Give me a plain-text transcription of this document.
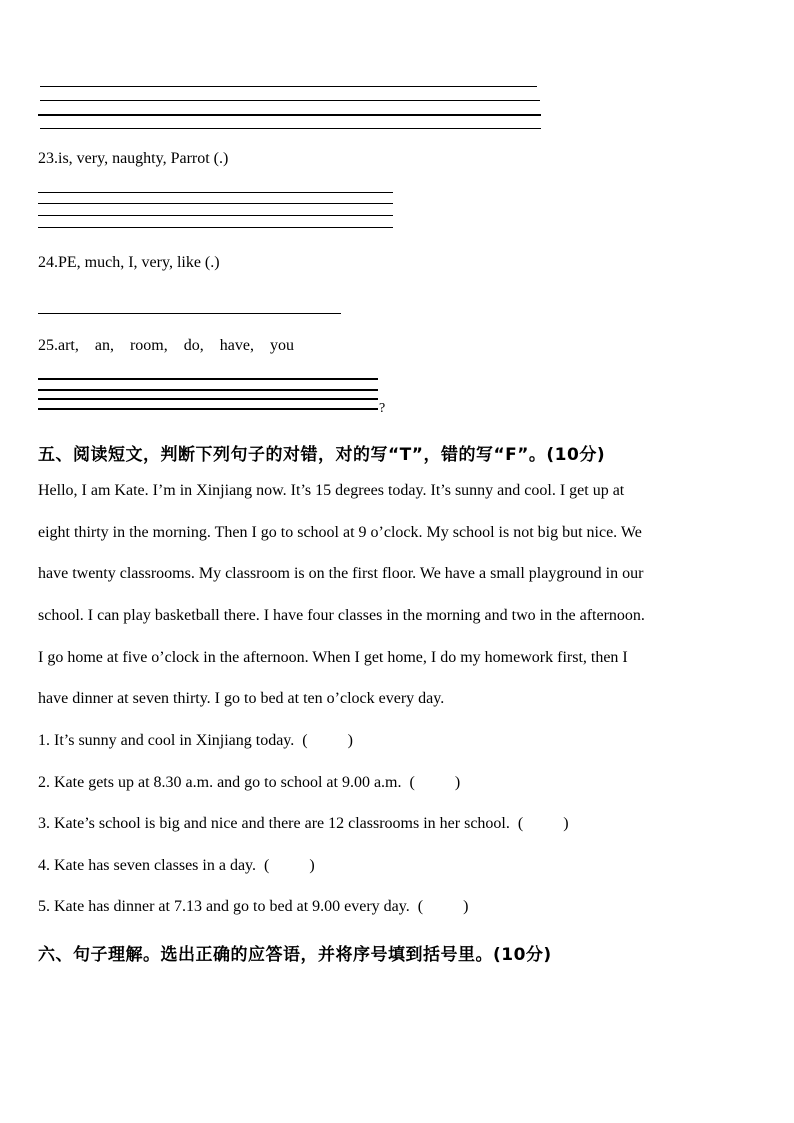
23.is, very, naughty, Parrot (.)
24.PE, much, I, very, like (.)
25.art,    an,    room,    do,    have,    you
?
五、阅读短文，判断下列句子的对错，对的写“T”，错的写“F”。(10分)
Hello, I am Kate. I’m in Xinjiang now. It’s 15 degrees today. It’s sunny and cool. I get up at
eight thirty in the morning. Then I go to school at 9 o’clock. My school is not big but nice. We
have twenty classrooms. My classroom is on the first floor. We have a small playground in our
school. I can play basketball there. I have four classes in the morning and two in the afternoon.
I go home at five o’clock in the afternoon. When I get home, I do my homework first, then I
have dinner at seven thirty. I go to bed at ten o’clock every day.
1. It’s sunny and cool in Xinjiang today.  (          )
2. Kate gets up at 8.30 a.m. and go to school at 9.00 a.m.  (          )
3. Kate’s school is big and nice and there are 12 classrooms in her school.  (          )
4. Kate has seven classes in a day.  (          )
5. Kate has dinner at 7.13 and go to bed at 9.00 every day.  (          )
六、句子理解。选出正确的应答语，并将序号填到括号里。(10分)
